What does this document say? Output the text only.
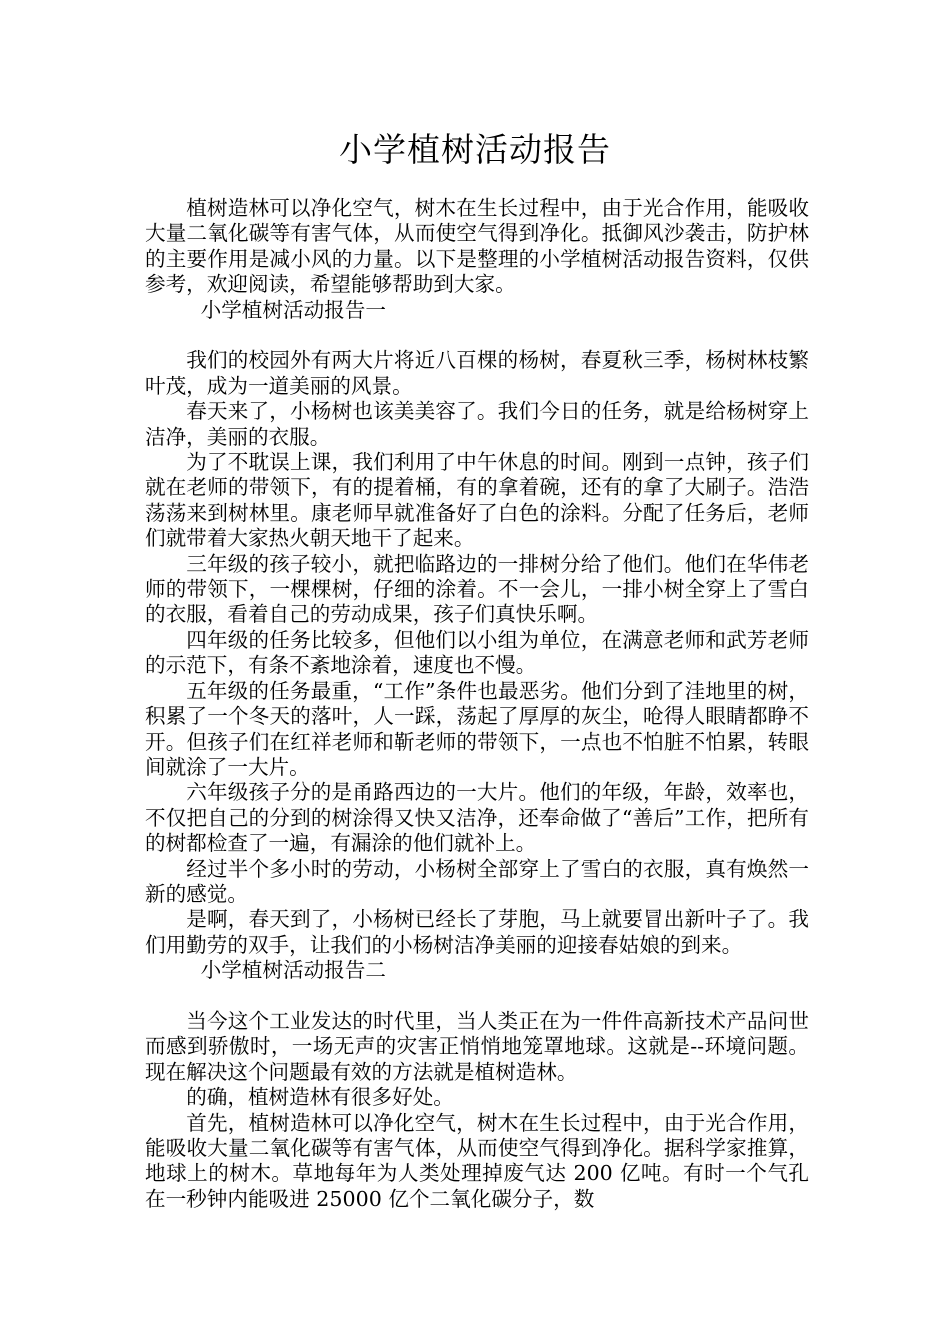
小学植树活动报告

植树造林可以净化空气，树木在生长过程中，由于光合作用，能吸收大量二氧化碳等有害气体，从而使空气得到净化。抵御风沙袭击，防护林的主要作用是减小风的力量。以下是整理的小学植树活动报告资料，仅供参考，欢迎阅读，希望能够帮助到大家。

小学植树活动报告一

我们的校园外有两大片将近八百棵的杨树，春夏秋三季，杨树林枝繁叶茂，成为一道美丽的风景。

春天来了，小杨树也该美美容了。我们今日的任务，就是给杨树穿上洁净，美丽的衣服。

为了不耽误上课，我们利用了中午休息的时间。刚到一点钟，孩子们就在老师的带领下，有的提着桶，有的拿着碗，还有的拿了大刷子。浩浩荡荡来到树林里。康老师早就准备好了白色的涂料。分配了任务后，老师们就带着大家热火朝天地干了起来。

三年级的孩子较小，就把临路边的一排树分给了他们。他们在华伟老师的带领下，一棵棵树，仔细的涂着。不一会儿，一排小树全穿上了雪白的衣服，看着自己的劳动成果，孩子们真快乐啊。

四年级的任务比较多，但他们以小组为单位，在满意老师和武芳老师的示范下，有条不紊地涂着，速度也不慢。

五年级的任务最重，“工作”条件也最恶劣。他们分到了洼地里的树，积累了一个冬天的落叶，人一踩，荡起了厚厚的灰尘，呛得人眼睛都睁不开。但孩子们在红祥老师和靳老师的带领下，一点也不怕脏不怕累，转眼间就涂了一大片。

六年级孩子分的是甬路西边的一大片。他们的年级，年龄，效率也，不仅把自己的分到的树涂得又快又洁净，还奉命做了“善后”工作，把所有的树都检查了一遍，有漏涂的他们就补上。

经过半个多小时的劳动，小杨树全部穿上了雪白的衣服，真有焕然一新的感觉。

是啊，春天到了，小杨树已经长了芽胞，马上就要冒出新叶子了。我们用勤劳的双手，让我们的小杨树洁净美丽的迎接春姑娘的到来。

小学植树活动报告二

当今这个工业发达的时代里，当人类正在为一件件高新技术产品问世而感到骄傲时，一场无声的灾害正悄悄地笼罩地球。这就是--环境问题。现在解决这个问题最有效的方法就是植树造林。

的确，植树造林有很多好处。

首先，植树造林可以净化空气，树木在生长过程中，由于光合作用，能吸收大量二氧化碳等有害气体，从而使空气得到净化。据科学家推算，地球上的树木。草地每年为人类处理掉废气达 200 亿吨。有时一个气孔在一秒钟内能吸进 25000 亿个二氧化碳分子，数
